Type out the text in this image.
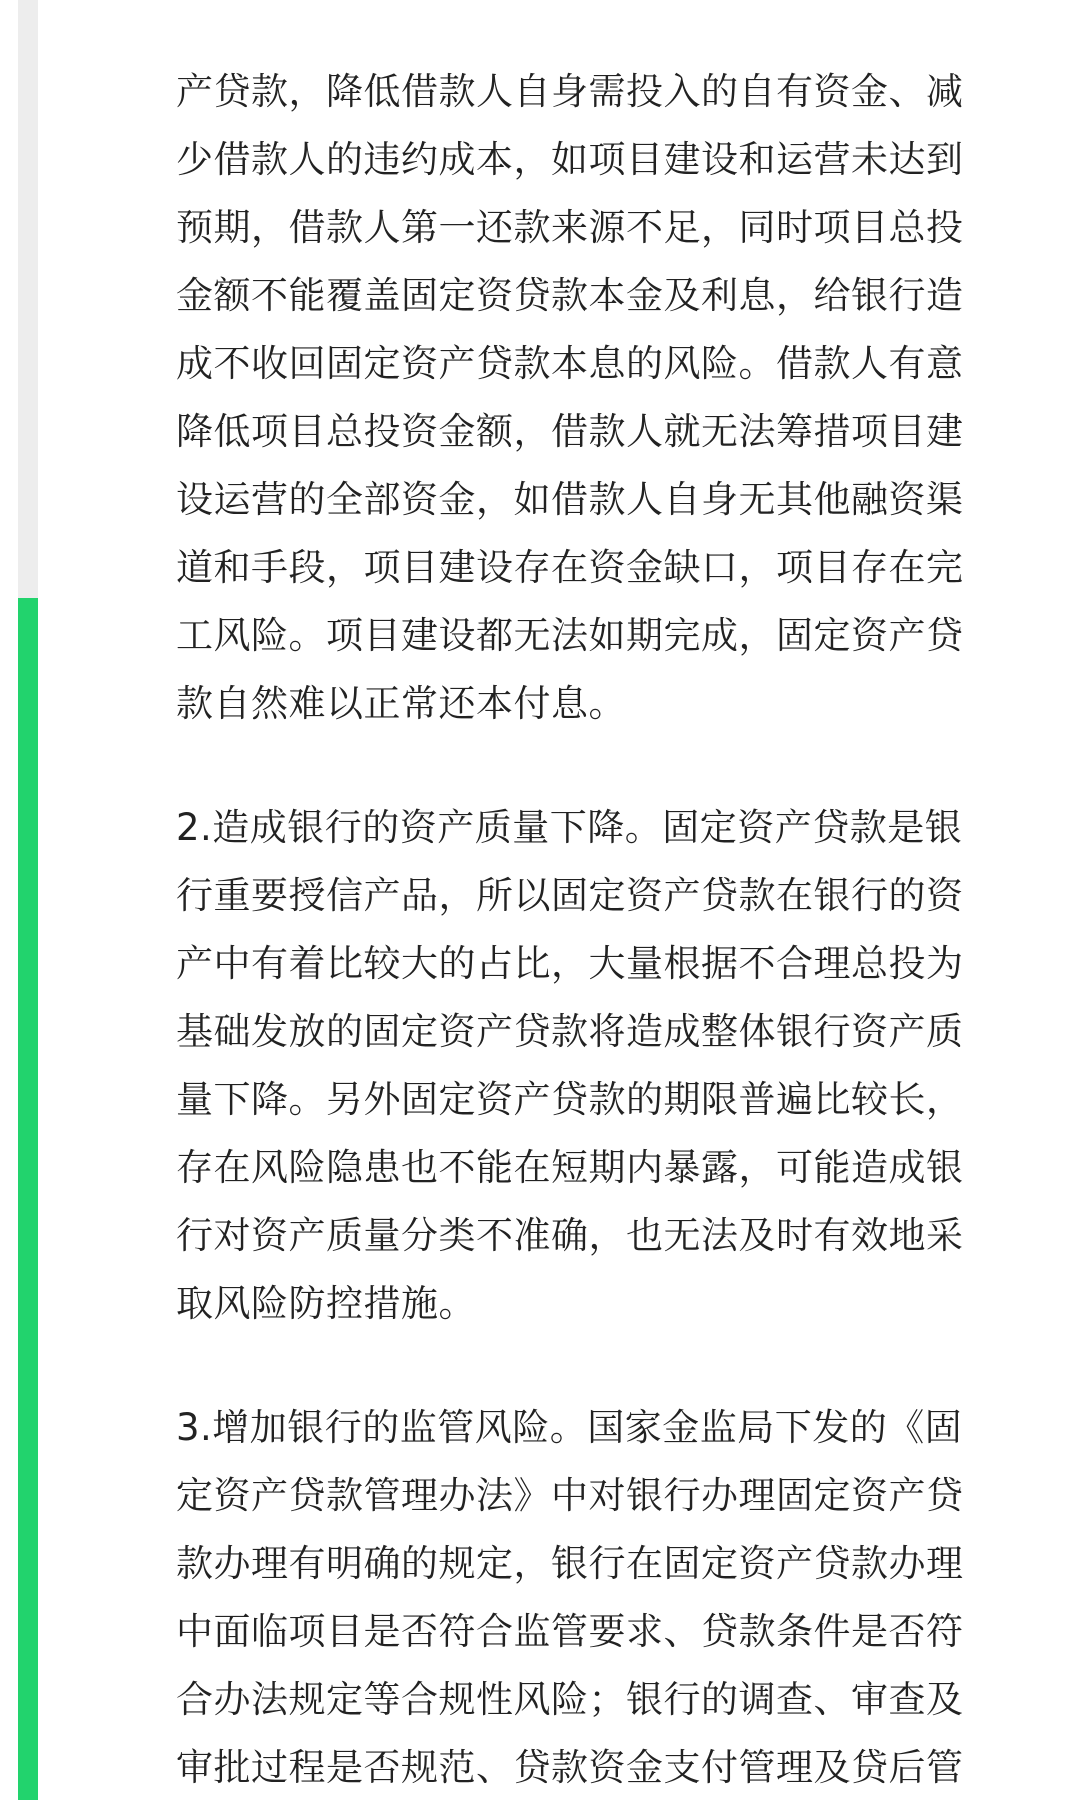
产贷款，降低借款人自身需投入的自有资金、减
少借款人的违约成本，如项目建设和运营未达到
预期，借款人第一还款来源不足，同时项目总投
金额不能覆盖固定资贷款本金及利息，给银行造
成不收回固定资产贷款本息的风险。借款人有意
降低项目总投资金额，借款人就无法筹措项目建
设运营的全部资金，如借款人自身无其他融资渠
道和手段，项目建设存在资金缺口，项目存在完
工风险。项目建设都无法如期完成，固定资产贷
款自然难以正常还本付息。

2.造成银行的资产质量下降。固定资产贷款是银
行重要授信产品，所以固定资产贷款在银行的资
产中有着比较大的占比，大量根据不合理总投为
基础发放的固定资产贷款将造成整体银行资产质
量下降。另外固定资产贷款的期限普遍比较长，
存在风险隐患也不能在短期内暴露，可能造成银
行对资产质量分类不准确，也无法及时有效地采
取风险防控措施。

3.增加银行的监管风险。国家金监局下发的《固
定资产贷款管理办法》中对银行办理固定资产贷
款办理有明确的规定，银行在固定资产贷款办理
中面临项目是否符合监管要求、贷款条件是否符
合办法规定等合规性风险；银行的调查、审查及
审批过程是否规范、贷款资金支付管理及贷后管
